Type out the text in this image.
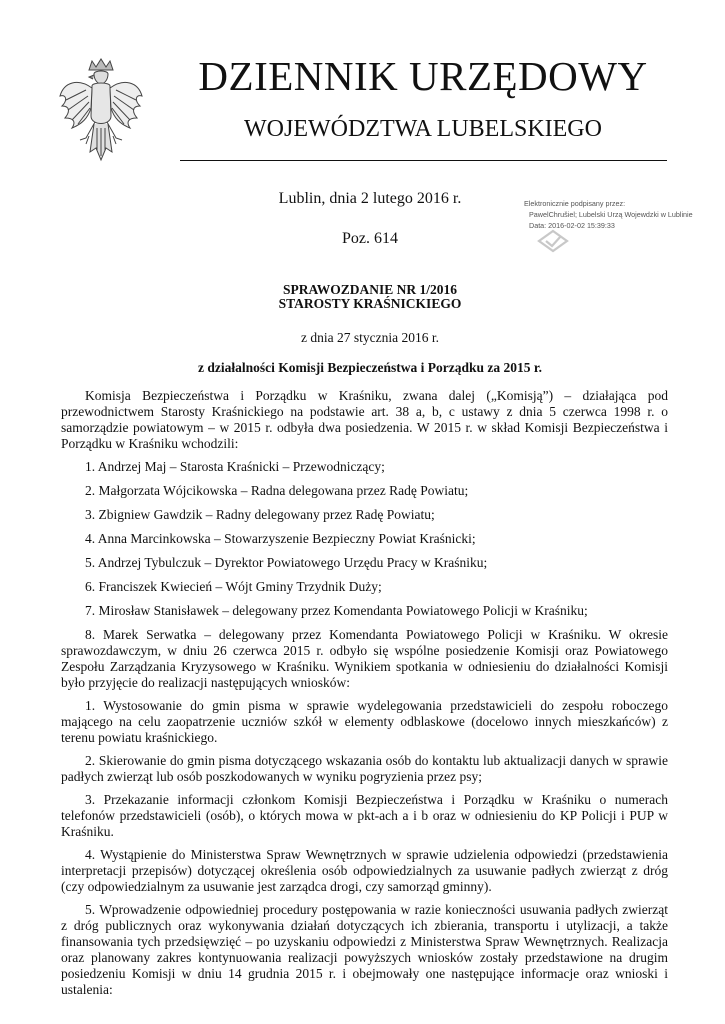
DZIENNIK URZĘDOWY
WOJEWÓDZTWA LUBELSKIEGO
Lublin, dnia 2 lutego 2016 r.
Poz. 614
Elektronicznie podpisany przez:
PawelChrušiel; Lubelski Urzą Wojewdzki w Lublinie
Data: 2016-02-02 15:39:33
SPRAWOZDANIE NR 1/2016
STAROSTY KRAŚNICKIEGO
z dnia 27 stycznia 2016 r.
z działalności Komisji Bezpieczeństwa i Porządku za 2015 r.

Komisja Bezpieczeństwa i Porządku w Kraśniku, zwana dalej („Komisją”) – działająca pod przewodnictwem Starosty Kraśnickiego na podstawie art. 38 a, b, c ustawy z dnia 5 czerwca 1998 r. o samorządzie powiatowym – w 2015 r. odbyła dwa posiedzenia. W 2015 r. w skład Komisji Bezpieczeństwa i Porządku w Kraśniku wchodzili:

1. Andrzej Maj – Starosta Kraśnicki – Przewodniczący;
2. Małgorzata Wójcikowska – Radna delegowana przez Radę Powiatu;
3. Zbigniew Gawdzik – Radny delegowany przez Radę Powiatu;
4. Anna Marcinkowska – Stowarzyszenie Bezpieczny Powiat Kraśnicki;
5. Andrzej Tybulczuk – Dyrektor Powiatowego Urzędu Pracy w Kraśniku;
6. Franciszek Kwiecień – Wójt Gminy Trzydnik Duży;
7. Mirosław Stanisławek – delegowany przez Komendanta Powiatowego Policji w Kraśniku;

8. Marek Serwatka – delegowany przez Komendanta Powiatowego Policji w Kraśniku. W okresie sprawozdawczym, w dniu 26 czerwca 2015 r. odbyło się wspólne posiedzenie Komisji oraz Powiatowego Zespołu Zarządzania Kryzysowego w Kraśniku. Wynikiem spotkania w odniesieniu do działalności Komisji było przyjęcie do realizacji następujących wniosków:

1. Wystosowanie do gmin pisma w sprawie wydelegowania przedstawicieli do zespołu roboczego mającego na celu zaopatrzenie uczniów szkół w elementy odblaskowe (docelowo innych mieszkańców) z terenu powiatu kraśnickiego.

2. Skierowanie do gmin pisma dotyczącego wskazania osób do kontaktu lub aktualizacji danych w sprawie padłych zwierząt lub osób poszkodowanych w wyniku pogryzienia przez psy;

3. Przekazanie informacji członkom Komisji Bezpieczeństwa i Porządku w Kraśniku o numerach telefonów przedstawicieli (osób), o których mowa w pkt-ach a i b oraz w odniesieniu do KP Policji i PUP w Kraśniku.

4. Wystąpienie do Ministerstwa Spraw Wewnętrznych w sprawie udzielenia odpowiedzi (przedstawienia interpretacji przepisów) dotyczącej określenia osób odpowiedzialnych za usuwanie padłych zwierząt z dróg (czy odpowiedzialnym za usuwanie jest zarządca drogi, czy samorząd gminny).

5. Wprowadzenie odpowiedniej procedury postępowania w razie konieczności usuwania padłych zwierząt z dróg publicznych oraz wykonywania działań dotyczących ich zbierania, transportu i utylizacji, a także finansowania tych przedsięwzięć – po uzyskaniu odpowiedzi z Ministerstwa Spraw Wewnętrznych. Realizacja oraz planowany zakres kontynuowania realizacji powyższych wniosków zostały przedstawione na drugim posiedzeniu Komisji w dniu 14 grudnia 2015 r. i obejmowały one następujące informacje oraz wnioski i ustalenia:
